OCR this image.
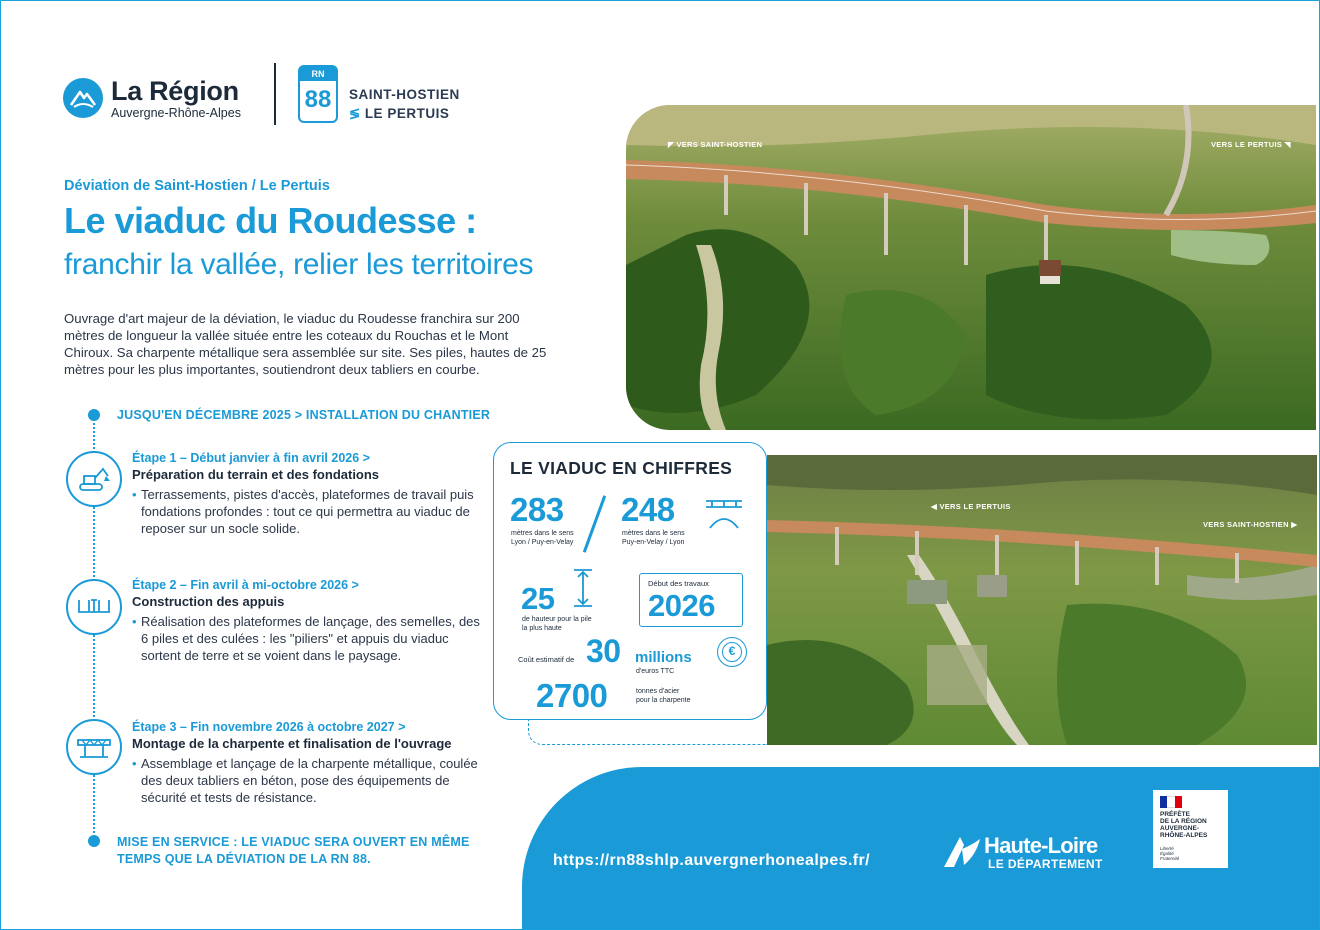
La Région
Auvergne-Rhône-Alpes
RN
88	SAINT-HOSTIEN
≶ LE PERTUIS
Déviation de Saint-Hostien / Le Pertuis
Le viaduc du Roudesse :
franchir la vallée, relier les territoires
Ouvrage d'art majeur de la déviation, le viaduc du Roudesse franchira sur 200 mètres de longueur la vallée située entre les coteaux du Rouchas et le Mont Chiroux. Sa charpente métallique sera assemblée sur site. Ses piles, hautes de 25 mètres pour les plus importantes, soutiendront deux tabliers en courbe.
JUSQU'EN DÉCEMBRE 2025 > INSTALLATION DU CHANTIER
Étape 1 – Début janvier à fin avril 2026 >
Préparation du terrain et des fondations
• Terrassements, pistes d'accès, plateformes de travail puis fondations profondes : tout ce qui permettra au viaduc de reposer sur un socle solide.
Étape 2 – Fin avril à mi-octobre 2026 >
Construction des appuis
• Réalisation des plateformes de lançage, des semelles, des 6 piles et des culées : les "piliers" et appuis du viaduc sortent de terre et se voient dans le paysage.
Étape 3 – Fin novembre 2026 à octobre 2027 >
Montage de la charpente et finalisation de l'ouvrage
• Assemblage et lançage de la charpente métallique, coulée des deux tabliers en béton, pose des équipements de sécurité et tests de résistance.
MISE EN SERVICE : LE VIADUC SERA OUVERT EN MÊME
TEMPS QUE LA DÉVIATION DE LA RN 88.
◤ VERS SAINT-HOSTIEN	VERS LE PERTUIS ◥
◀ VERS LE PERTUIS
VERS SAINT-HOSTIEN ▶
LE VIADUC EN CHIFFRES
283
mètres dans le sens
Lyon / Puy-en-Velay
248
mètres dans le sens
Puy-en-Velay / Lyon
25
de hauteur pour la pile
la plus haute
Début des travaux
2026
Coût estimatif de 30 millions
d'euros TTC
€
2700	tonnes d'acier
pour la charpente
https://rn88shlp.auvergnerhonealpes.fr/
Haute-Loire
LE DÉPARTEMENT
PRÉFÈTE
DE LA RÉGION
AUVERGNE-
RHÔNE-ALPES
Liberté
Égalité
Fraternité
